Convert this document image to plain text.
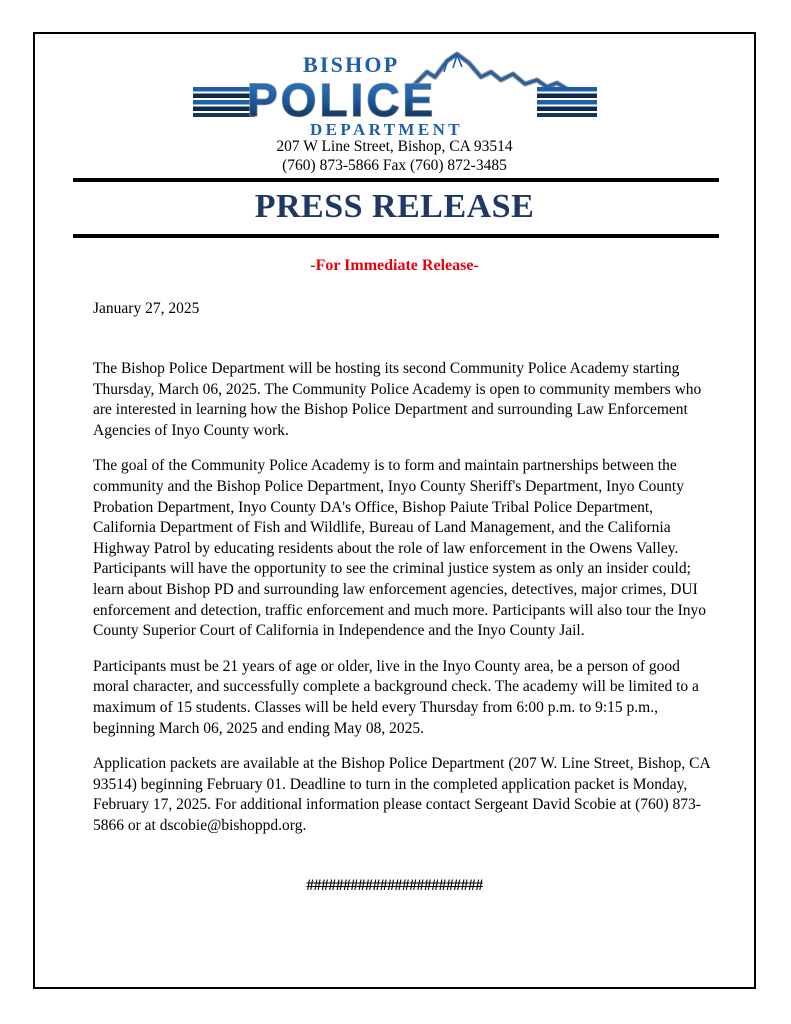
BISHOP
POLICE
DEPARTMENT
207 W Line Street, Bishop, CA 93514
(760) 873-5866 Fax (760) 872-3485
PRESS RELEASE
-For Immediate Release-
January 27, 2025

The Bishop Police Department will be hosting its second Community Police Academy starting Thursday, March 06, 2025. The Community Police Academy is open to community members who are interested in learning how the Bishop Police Department and surrounding Law Enforcement Agencies of Inyo County work.

The goal of the Community Police Academy is to form and maintain partnerships between the community and the Bishop Police Department, Inyo County Sheriff's Department, Inyo County Probation Department, Inyo County DA's Office, Bishop Paiute Tribal Police Department, California Department of Fish and Wildlife, Bureau of Land Management, and the California Highway Patrol by educating residents about the role of law enforcement in the Owens Valley. Participants will have the opportunity to see the criminal justice system as only an insider could; learn about Bishop PD and surrounding law enforcement agencies, detectives, major crimes, DUI enforcement and detection, traffic enforcement and much more. Participants will also tour the Inyo County Superior Court of California in Independence and the Inyo County Jail.

Participants must be 21 years of age or older, live in the Inyo County area, be a person of good moral character, and successfully complete a background check. The academy will be limited to a maximum of 15 students. Classes will be held every Thursday from 6:00 p.m. to 9:15 p.m., beginning March 06, 2025 and ending May 08, 2025.

Application packets are available at the Bishop Police Department (207 W. Line Street, Bishop, CA 93514) beginning February 01. Deadline to turn in the completed application packet is Monday, February 17, 2025. For additional information please contact Sergeant David Scobie at (760) 873-5866 or at dscobie@bishoppd.org.

########################
